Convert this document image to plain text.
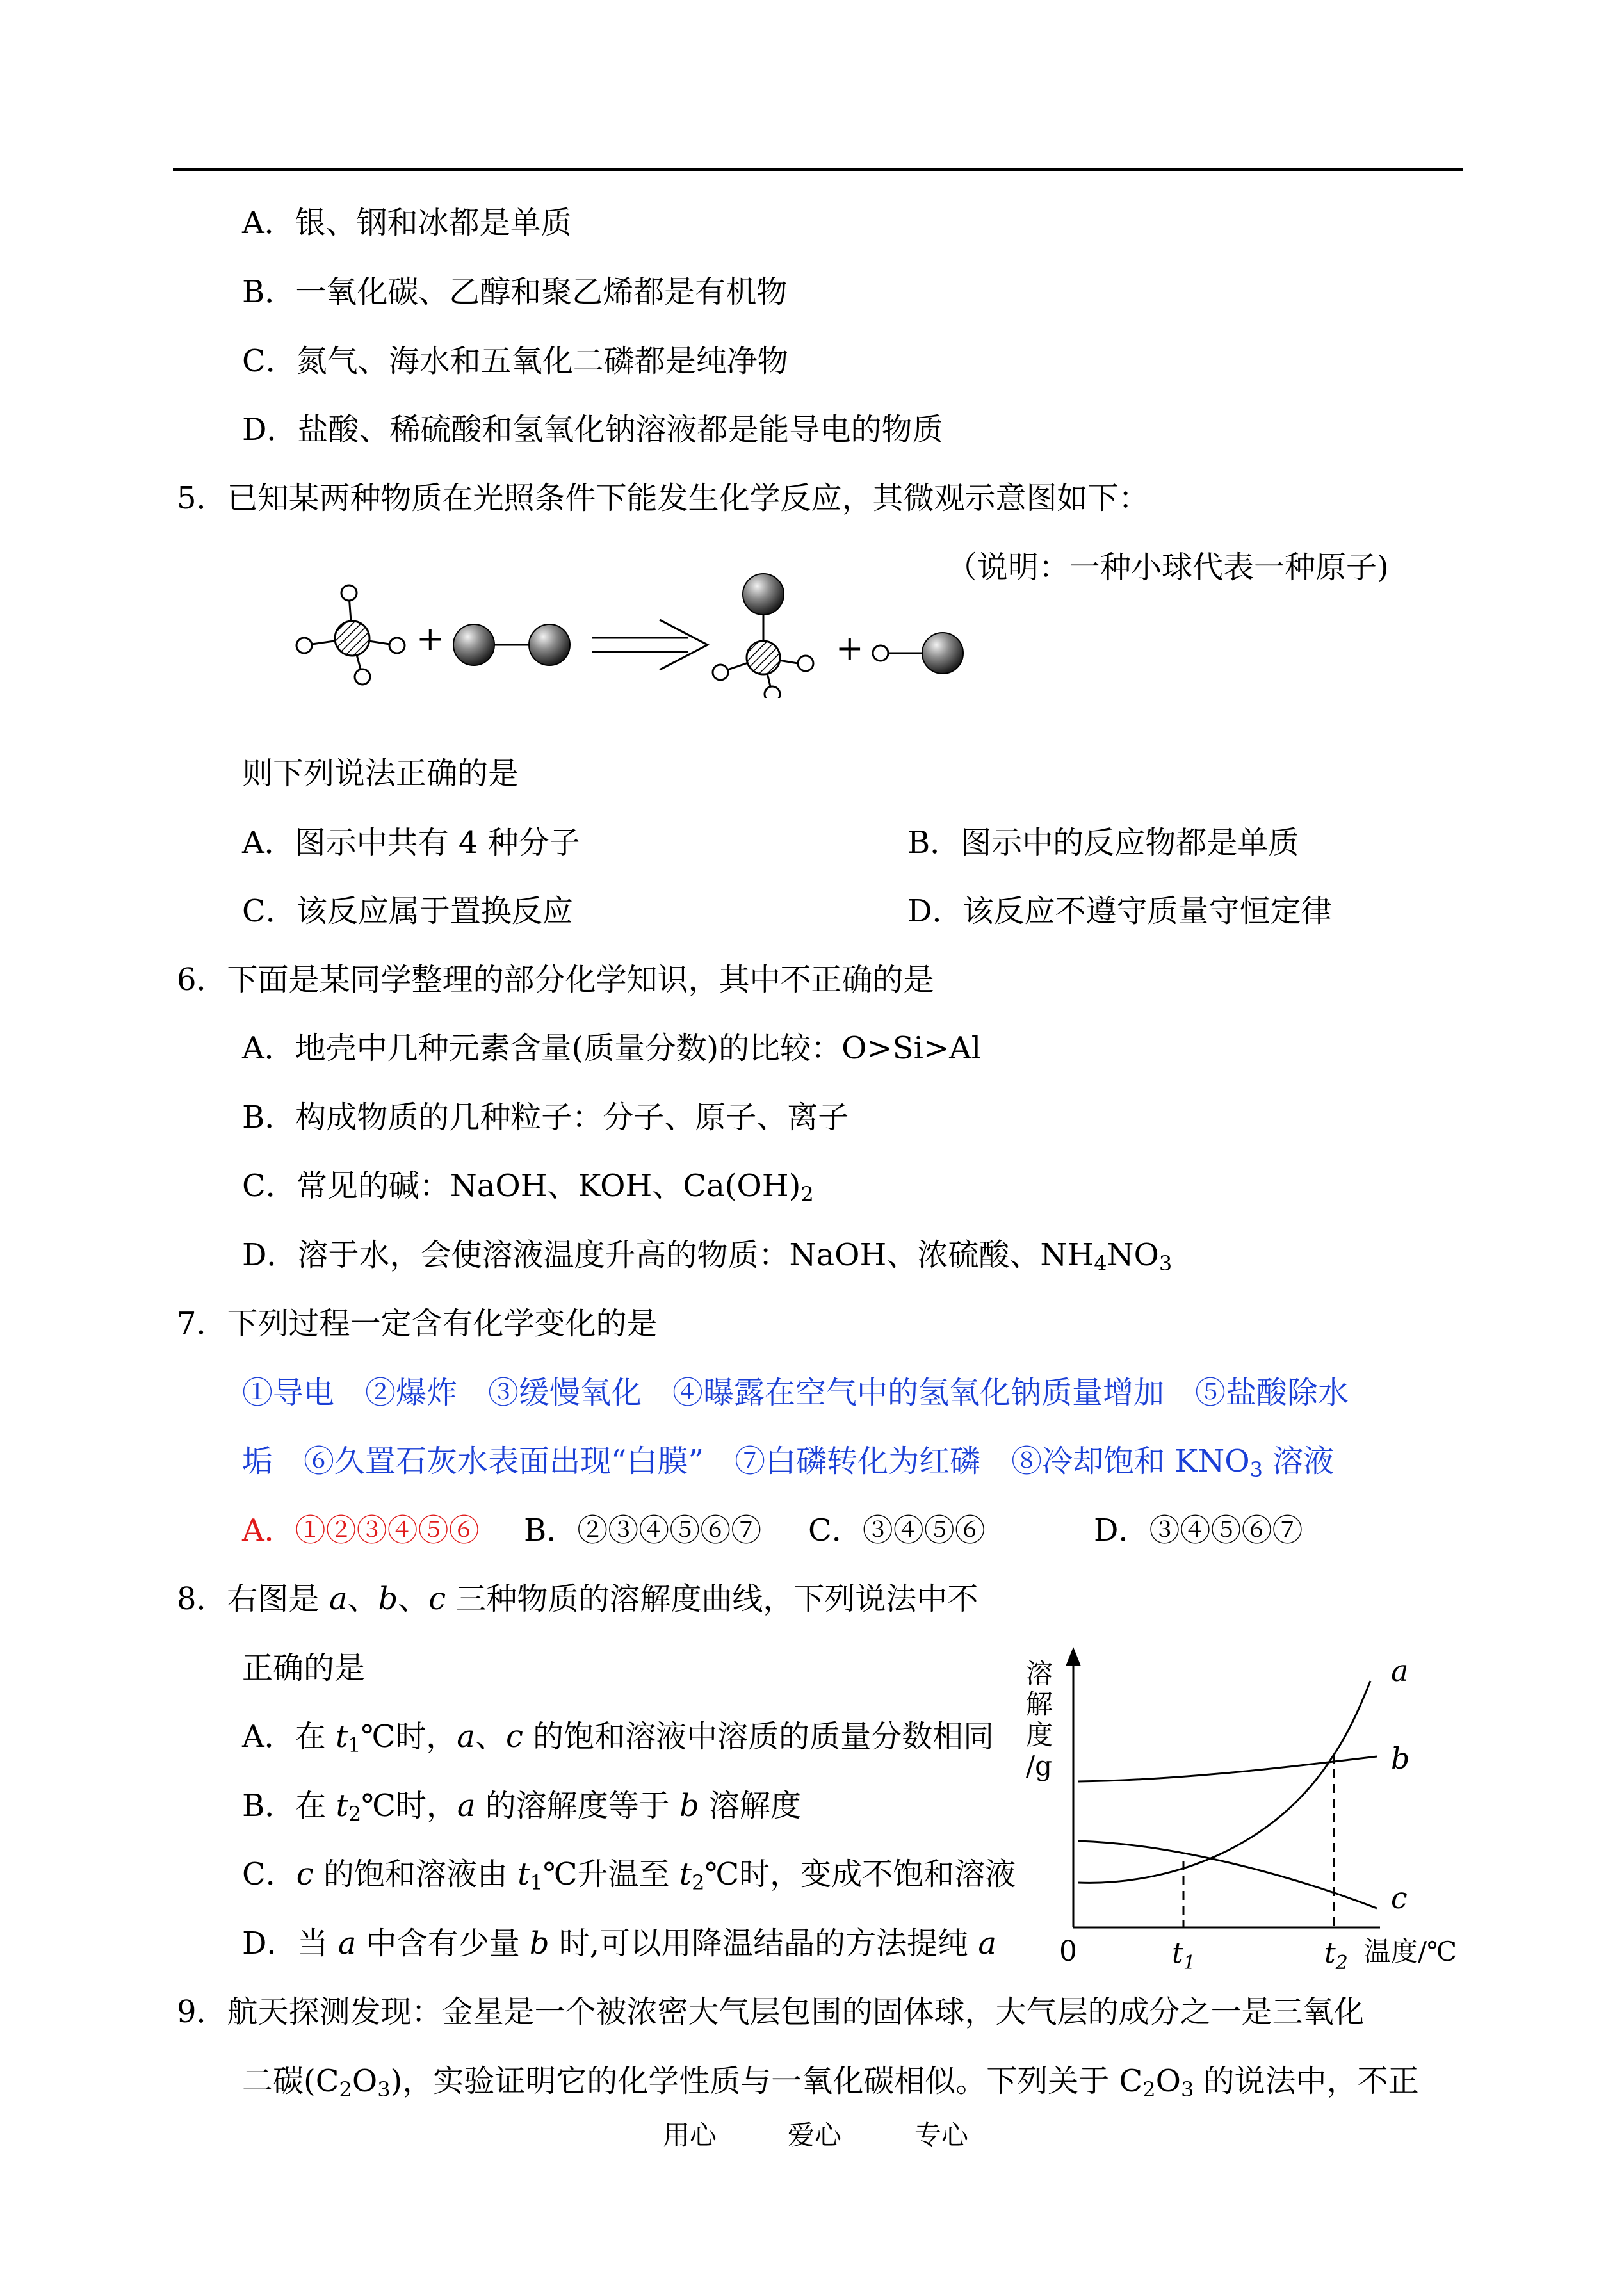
A．银、钢和冰都是单质
B．一氧化碳、乙醇和聚乙烯都是有机物
C．氮气、海水和五氧化二磷都是纯净物
D．盐酸、稀硫酸和氢氧化钠溶液都是能导电的物质
5．已知某两种物质在光照条件下能发生化学反应，其微观示意图如下：
（说明：一种小球代表一种原子)
+	+
则下列说法正确的是
A．图示中共有 4 种分子	B．图示中的反应物都是单质
C．该反应属于置换反应	D．该反应不遵守质量守恒定律
6．下面是某同学整理的部分化学知识，其中不正确的是
A．地壳中几种元素含量(质量分数)的比较：O>Si>Al
B．构成物质的几种粒子：分子、原子、离子
C．常见的碱：NaOH、KOH、$Ca(OH)_2$
D．溶于水，会使溶液温度升高的物质：NaOH、浓硫酸、$NH_4NO_3$
7．下列过程一定含有化学变化的是
①导电　②爆炸　③缓慢氧化　④曝露在空气中的氢氧化钠质量增加　⑤盐酸除水
垢　⑥久置石灰水表面出现“白膜”　⑦白磷转化为红磷　⑧冷却饱和 $KNO_3$ 溶液
A．①②③④⑤⑥ B．②③④⑤⑥⑦ C．③④⑤⑥	D．③④⑤⑥⑦
8．右图是 a、b、c 三种物质的溶解度曲线，下列说法中不
正确的是
A．在 $t_1℃$时，a、c 的饱和溶液中溶质的质量分数相同
B．在 $t_2℃$时，a 的溶解度等于 b 溶解度
C．c 的饱和溶液由 $t_1℃$升温至 $t_2℃$时，变成不饱和溶液
D．当 a 中含有少量 b 时,可以用降温结晶的方法提纯 a
溶
解
度
/g
温度/℃
0	$t_1$	$t_2$
a
b
c
9．航天探测发现：金星是一个被浓密大气层包围的固体球，大气层的成分之一是三氧化
二碳$(C_2O_3)$，实验证明它的化学性质与一氧化碳相似。下列关于 $C_2O_3$ 的说法中，不正
用心	爱心	专心
